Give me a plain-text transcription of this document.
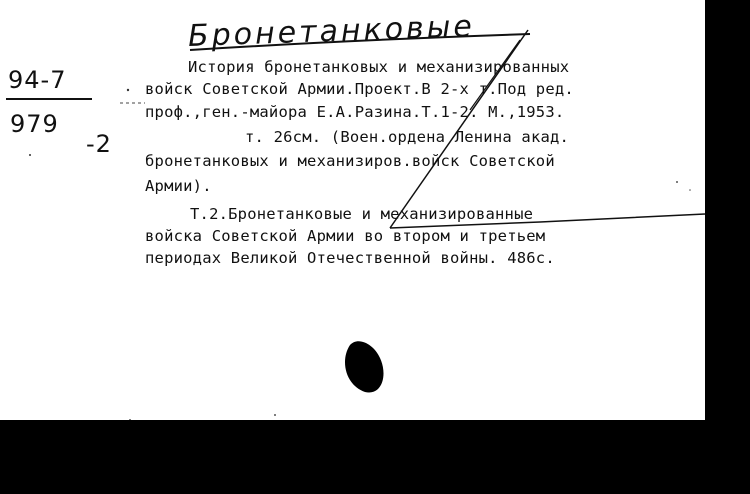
Бронетанковые
94-7
979
-2
История бронетанковых и механизированных
войск Советской Армии.Проект.В 2-х т.Под ред.
проф.,ген.-майора Е.А.Разина.Т.1-2. М.,1953.
т. 26см. (Воен.ордена Ленина акад.
бронетанковых и механизиров.войск Советской
Армии).
Т.2.Бронетанковые и механизированные
войска Советской Армии во втором и третьем
периодах Великой Отечественной войны. 486с.
